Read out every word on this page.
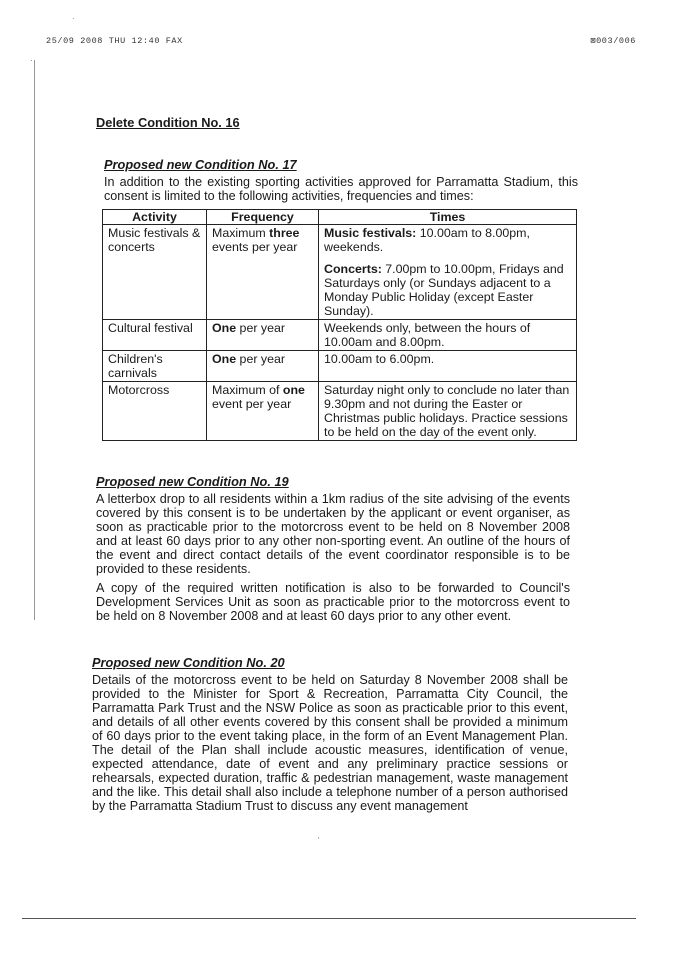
25/09 2008 THU 12:40 FAX	⊠003/006
·
·
Delete Condition No. 16
Proposed new Condition No. 17

In addition to the existing sporting activities approved for Parramatta Stadium, this consent is limited to the following activities, frequencies and times:

Activity	Frequency	Times
Music festivals & concerts	Maximum three events per year	Music festivals: 10.00am to 8.00pm, weekends.
Concerts: 7.00pm to 10.00pm, Fridays and Saturdays only (or Sundays adjacent to a Monday Public Holiday (except Easter Sunday).

Cultural festival	One per year	Weekends only, between the hours of 10.00am and 8.00pm.
Children's carnivals	One per year	10.00am to 6.00pm.
Motorcross	Maximum of one event per year	Saturday night only to conclude no later than 9.30pm and not during the Easter or Christmas public holidays. Practice sessions to be held on the day of the event only.
Proposed new Condition No. 19

A letterbox drop to all residents within a 1km radius of the site advising of the events covered by this consent is to be undertaken by the applicant or event organiser, as soon as practicable prior to the motorcross event to be held on 8 November 2008 and at least 60 days prior to any other non-sporting event. An outline of the hours of the event and direct contact details of the event coordinator responsible is to be provided to these residents.

A copy of the required written notification is also to be forwarded to Council's Development Services Unit as soon as practicable prior to the motorcross event to be held on 8 November 2008 and at least 60 days prior to any other event.

Proposed new Condition No. 20

Details of the motorcross event to be held on Saturday 8 November 2008 shall be provided to the Minister for Sport & Recreation, Parramatta City Council, the Parramatta Park Trust and the NSW Police as soon as practicable prior to this event, and details of all other events covered by this consent shall be provided a minimum of 60 days prior to the event taking place, in the form of an Event Management Plan. The detail of the Plan shall include acoustic measures, identification of venue, expected attendance, date of event and any preliminary practice sessions or rehearsals, expected duration, traffic & pedestrian management, waste management and the like. This detail shall also include a telephone number of a person authorised by the Parramatta Stadium Trust to discuss any event management

'
